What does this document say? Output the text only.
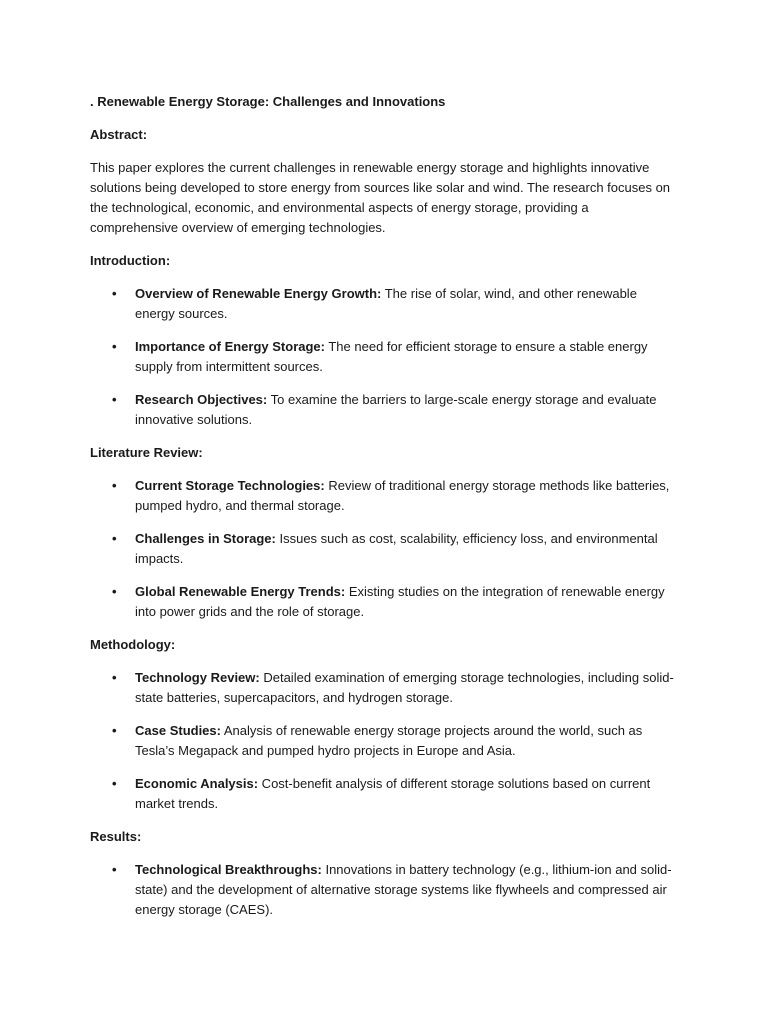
. Renewable Energy Storage: Challenges and Innovations

Abstract:

This paper explores the current challenges in renewable energy storage and highlights innovative solutions being developed to store energy from sources like solar and wind. The research focuses on the technological, economic, and environmental aspects of energy storage, providing a comprehensive overview of emerging technologies.

Introduction:

• Overview of Renewable Energy Growth: The rise of solar, wind, and other renewable energy sources.
• Importance of Energy Storage: The need for efficient storage to ensure a stable energy supply from intermittent sources.
• Research Objectives: To examine the barriers to large-scale energy storage and evaluate innovative solutions.

Literature Review:

• Current Storage Technologies: Review of traditional energy storage methods like batteries, pumped hydro, and thermal storage.
• Challenges in Storage: Issues such as cost, scalability, efficiency loss, and environmental impacts.
• Global Renewable Energy Trends: Existing studies on the integration of renewable energy into power grids and the role of storage.

Methodology:

• Technology Review: Detailed examination of emerging storage technologies, including solid-state batteries, supercapacitors, and hydrogen storage.
• Case Studies: Analysis of renewable energy storage projects around the world, such as Tesla’s Megapack and pumped hydro projects in Europe and Asia.
• Economic Analysis: Cost-benefit analysis of different storage solutions based on current market trends.

Results:

• Technological Breakthroughs: Innovations in battery technology (e.g., lithium-ion and solid-state) and the development of alternative storage systems like flywheels and compressed air energy storage (CAES).
